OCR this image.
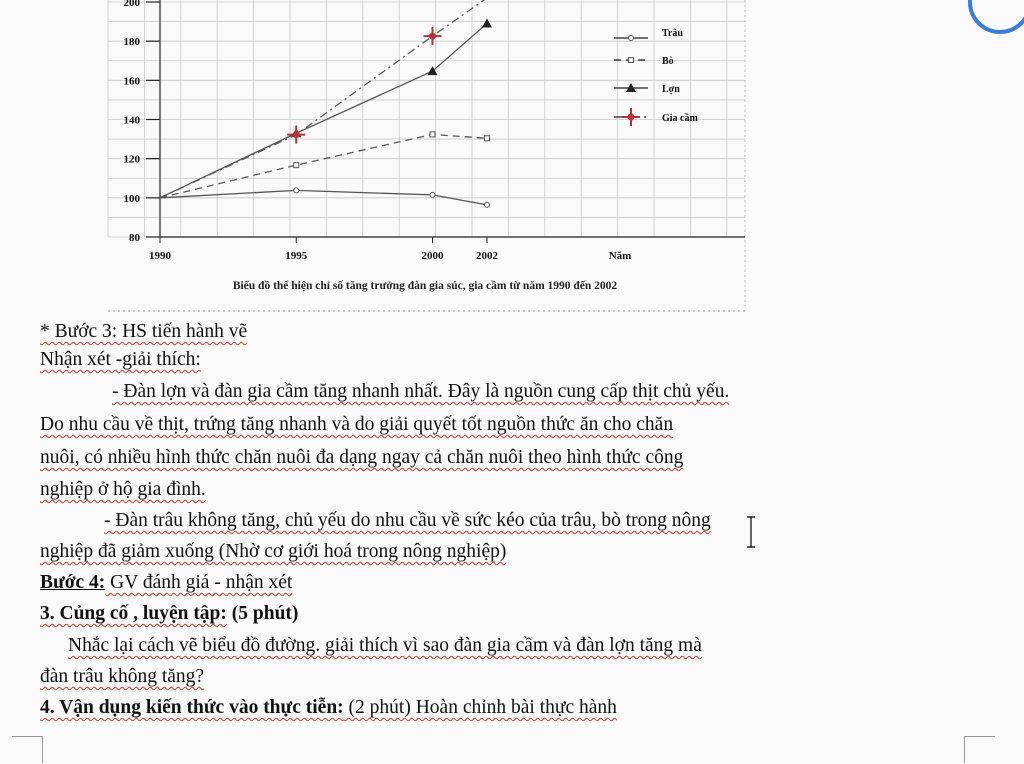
80
100
120
140
160
180
200
1990	1995	2000	2002	Năm
Trâu
Bò
Lợn
Gia cầm
Biểu đồ thể hiện chỉ số tăng trưởng đàn gia súc, gia cầm từ năm 1990 đến 2002
* Bước 3: HS tiến hành vẽ
Nhận xét -giải thích:
- Đàn lợn và đàn gia cầm tăng nhanh nhất. Đây là nguồn cung cấp thịt chủ yếu.
Do nhu cầu về thịt, trứng tăng nhanh và do giải quyết tốt nguồn thức ăn cho chăn
nuôi, có nhiều hình thức chăn nuôi đa dạng ngay cả chăn nuôi theo hình thức công
nghiệp ở hộ gia đình.
- Đàn trâu không tăng, chủ yếu do nhu cầu về sức kéo của trâu, bò trong nông
nghiệp đã giảm xuống (Nhờ cơ giới hoá trong nông nghiệp)
Bước 4: GV đánh giá - nhận xét
3. Củng cố , luyện tập: (5 phút)
Nhắc lại cách vẽ biểu đồ đường. giải thích vì sao đàn gia cầm và đàn lợn tăng mà
đàn trâu không tăng?
4. Vận dụng kiến thức vào thực tiễn: (2 phút) Hoàn chỉnh bài thực hành
